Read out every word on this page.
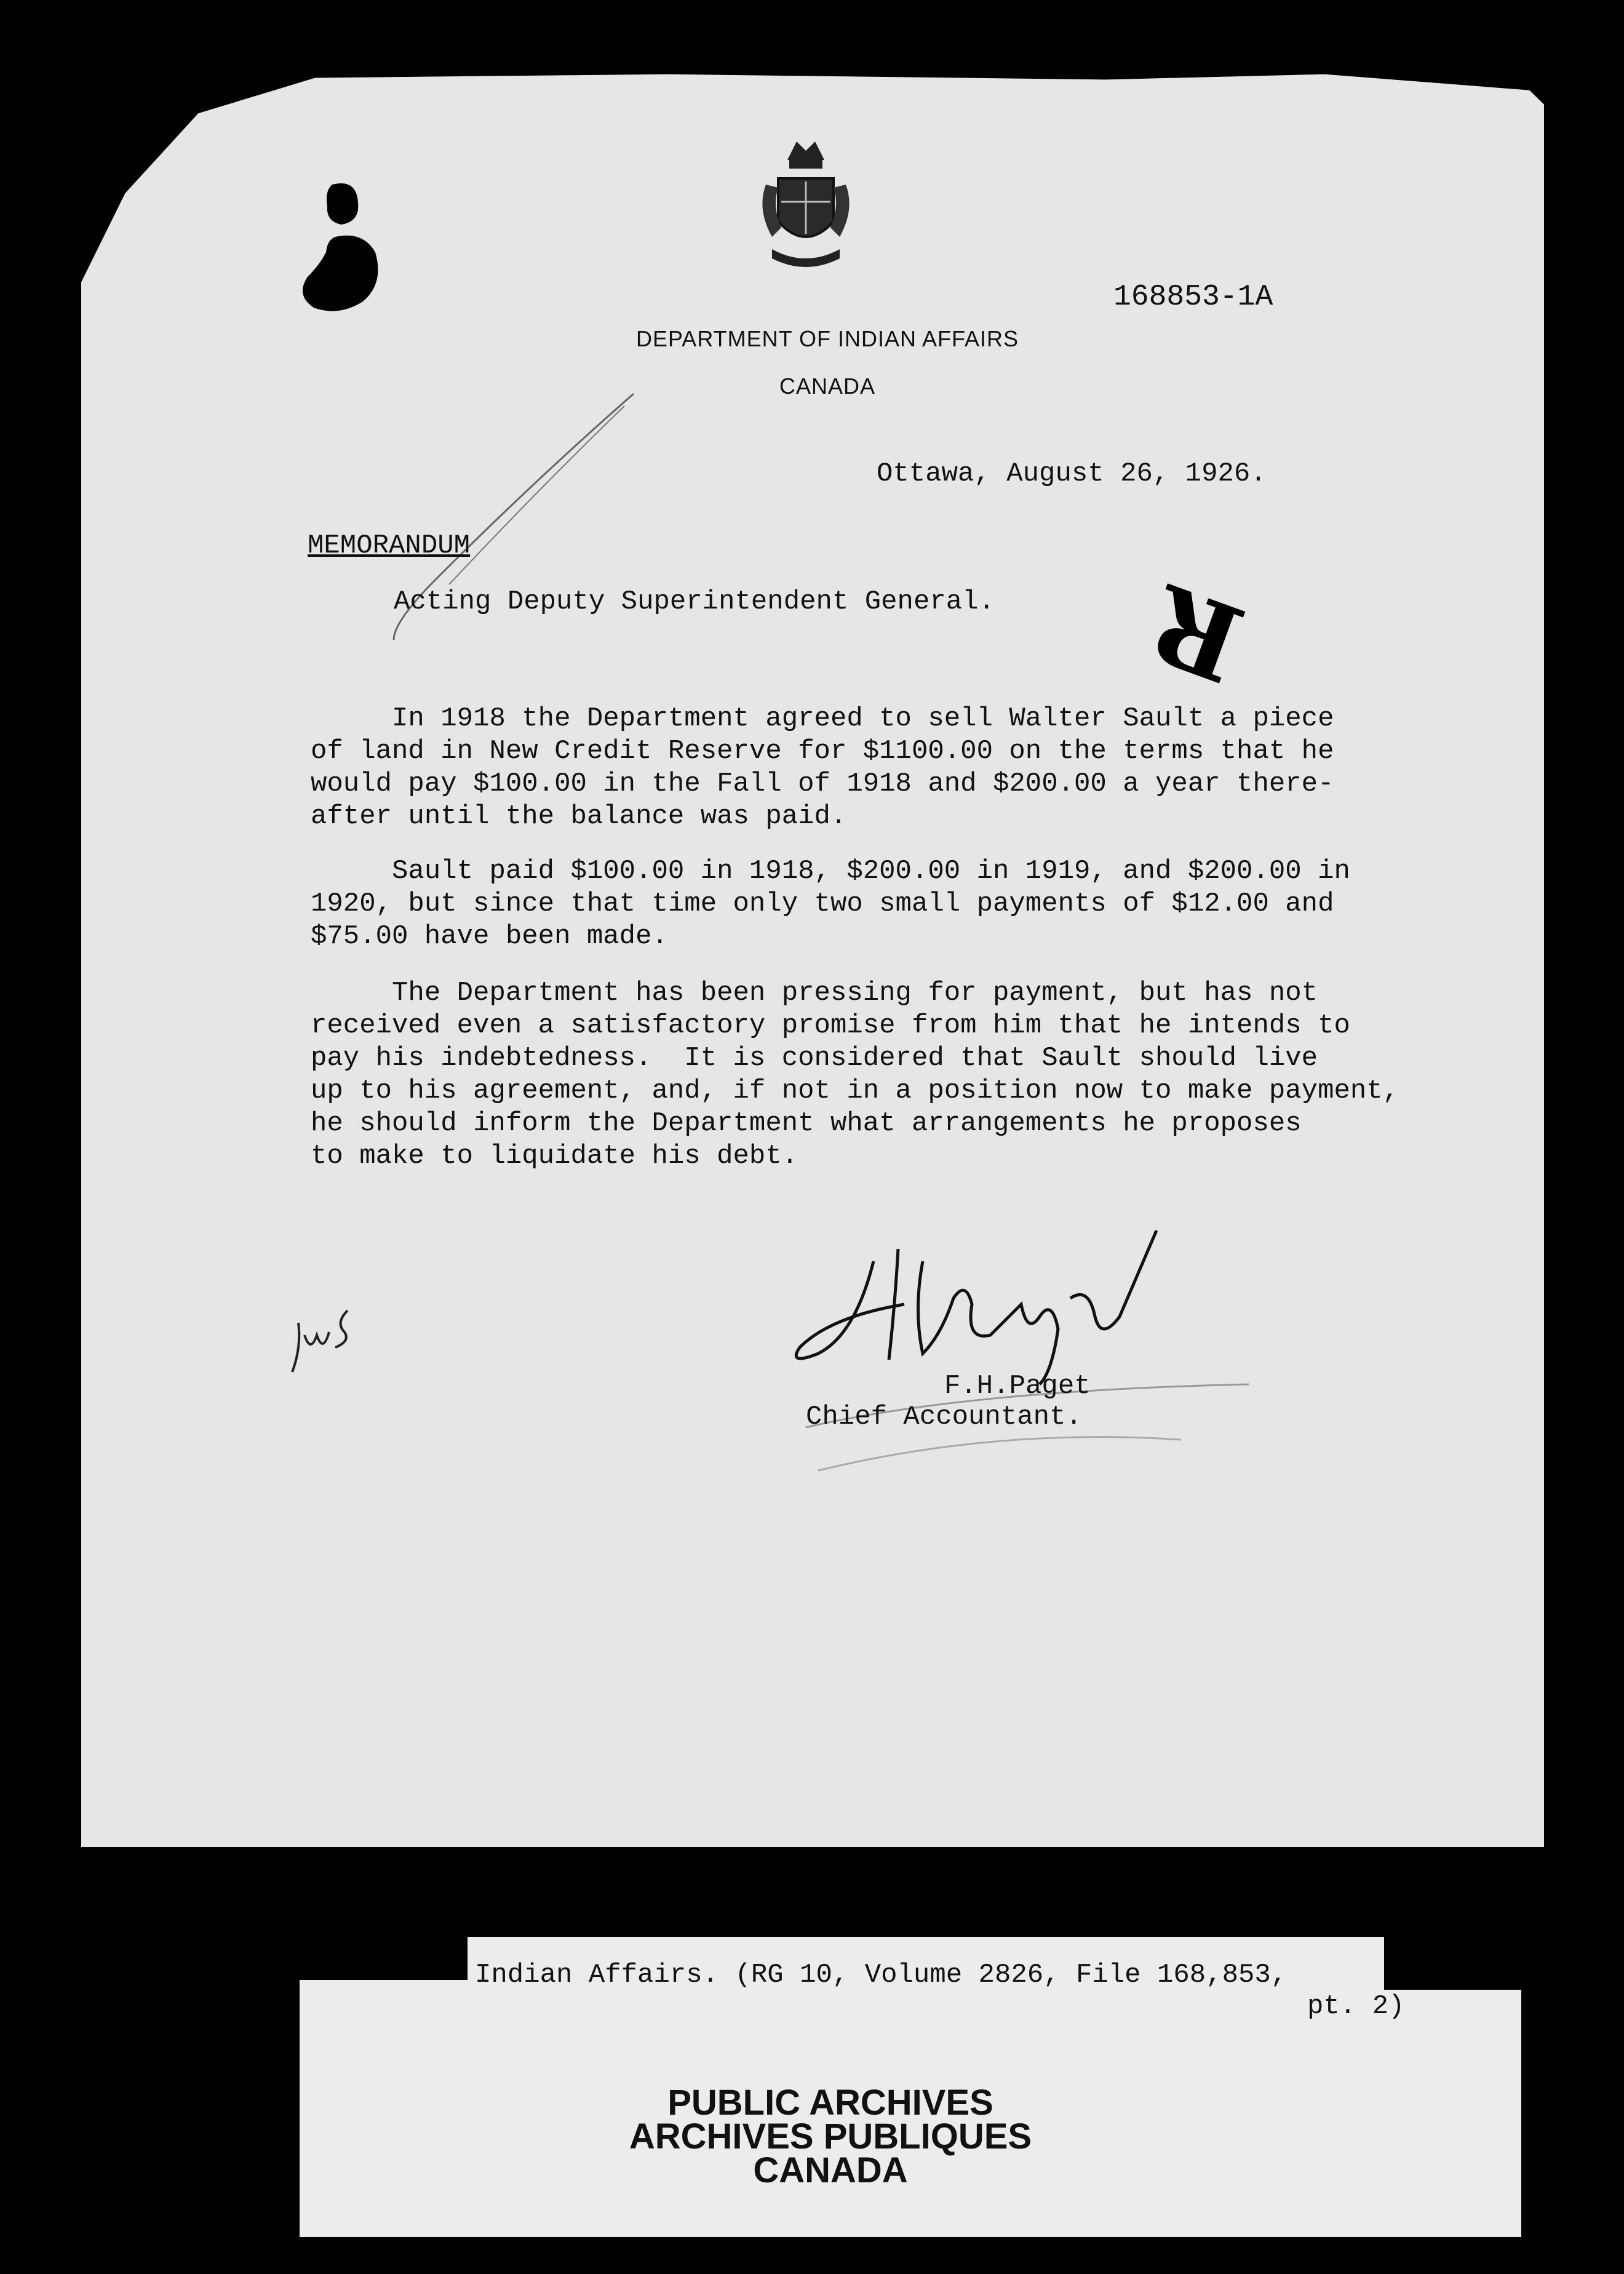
R
168853-1A
DEPARTMENT OF INDIAN AFFAIRS
CANADA
Ottawa, August 26, 1926.
MEMORANDUM
Acting Deputy Superintendent General.
In 1918 the Department agreed to sell Walter Sault a piece
of land in New Credit Reserve for $1100.00 on the terms that he
would pay $100.00 in the Fall of 1918 and $200.00 a year there-
after until the balance was paid.
Sault paid $100.00 in 1918, $200.00 in 1919, and $200.00 in
1920, but since that time only two small payments of $12.00 and
$75.00 have been made.
The Department has been pressing for payment, but has not
received even a satisfactory promise from him that he intends to
pay his indebtedness.  It is considered that Sault should live
up to his agreement, and, if not in a position now to make payment,
he should inform the Department what arrangements he proposes
to make to liquidate his debt.
F.H.Paget
Chief Accountant.
Indian Affairs. (RG 10, Volume 2826, File 168,853,
pt. 2)
PUBLIC ARCHIVES
ARCHIVES PUBLIQUES
CANADA
